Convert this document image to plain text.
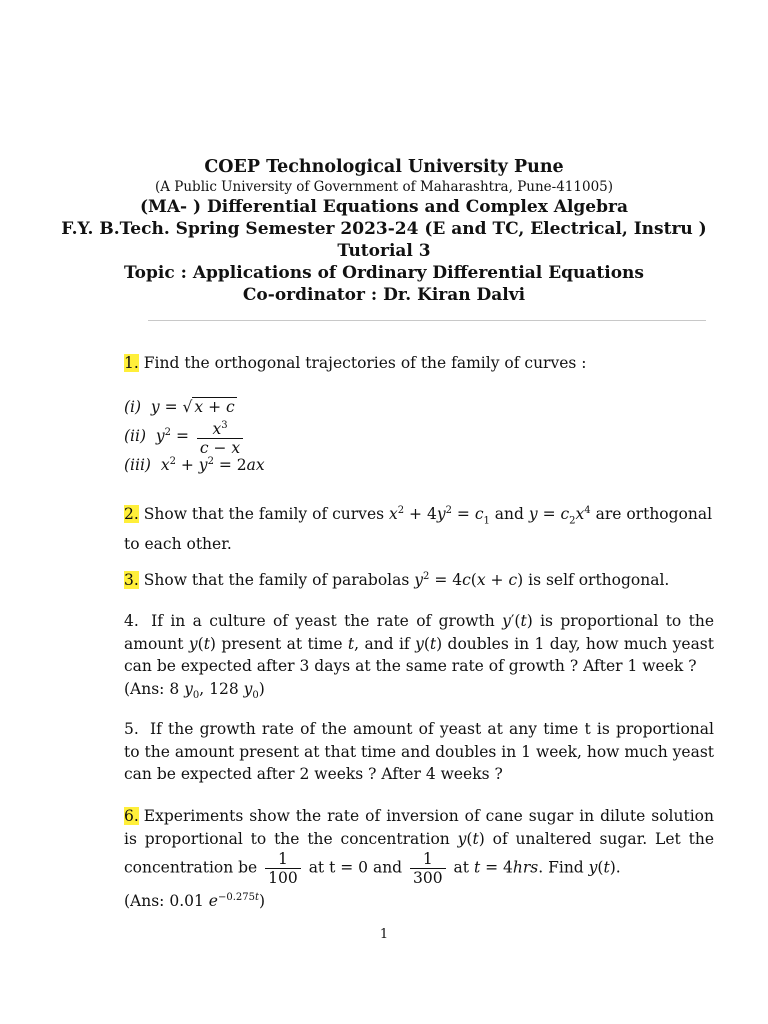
COEP Technological University Pune
(A Public University of Government of Maharashtra, Pune-411005)
(MA- ) Differential Equations and Complex Algebra
F.Y. B.Tech. Spring Semester 2023-24 (E and TC, Electrical, Instru )
Tutorial 3
Topic : Applications of Ordinary Differential Equations
Co-ordinator : Dr. Kiran Dalvi
1. Find the orthogonal trajectories of the family of curves :
(i) y = √ x + c
(ii) $y^2 = \frac{x^3}{c - x}$
(iii) $x^2 + y^2 = 2ax$
2. Show that the family of curves $x^2 + 4y^2 = c_1$ and $y = c_2x^4$ are orthogonal to each other.
3. Show that the family of parabolas $y^2 = 4c(x + c)$ is self orthogonal.
4. If in a culture of yeast the rate of growth y′(t) is proportional to the amount y(t) present at time t, and if y(t) doubles in 1 day, how much yeast can be expected after 3 days at the same rate of growth ? After 1 week ?
(Ans: 8 $y_0$, 128 $y_0$)
5. If the growth rate of the amount of yeast at any time t is proportional to the amount present at that time and doubles in 1 week, how much yeast can be expected after 2 weeks ? After 4 weeks ?
6. Experiments show the rate of inversion of cane sugar in dilute solution is proportional to the the concentration y(t) of unaltered sugar. Let the concentration be $\frac{1}{100}$ at t = 0 and $\frac{1}{300}$ at t = 4hrs. Find y(t).
(Ans: 0.01 $e^{-0.275t}$)
1
